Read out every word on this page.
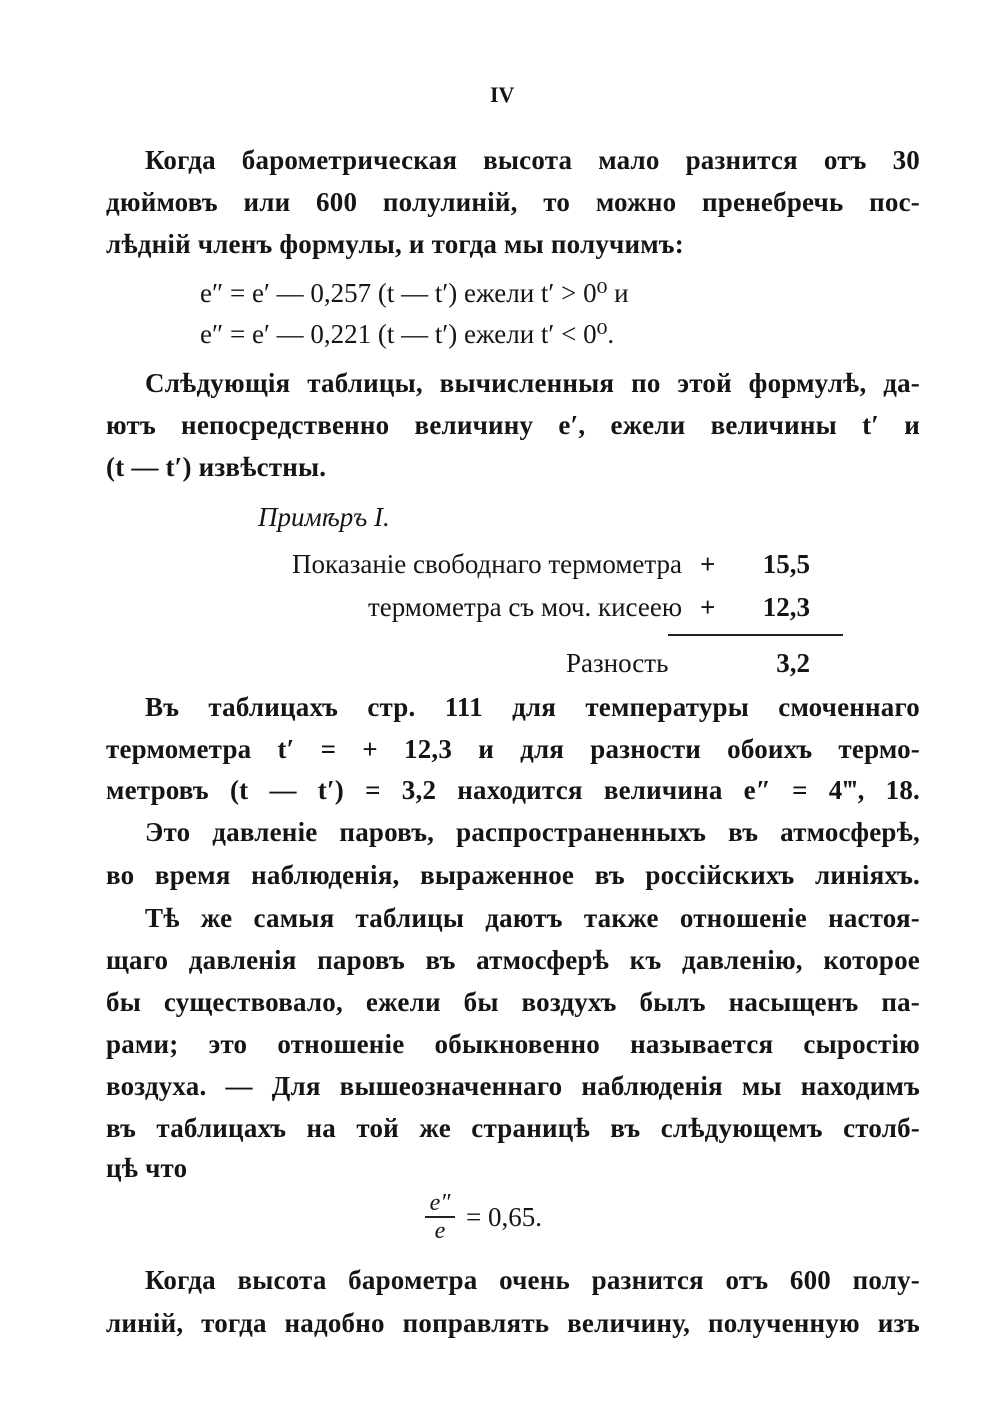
IV
Когда барометрическая высота мало разнится отъ 30
дюймовъ или 600 полулиній, то можно пренебречь пос-
лѣдній членъ формулы, и тогда мы получимъ:
e″ = e′ — 0,257 (t — t′) ежели t′ > 0⁰ и
e″ = e′ — 0,221 (t — t′) ежели t′ < 0⁰.
Слѣдующія таблицы, вычисленныя по этой формулѣ, да-
ютъ непосредственно величину e′, ежели величины t′ и
(t — t′) извѣстны.
Примѣръ I.
Показаніе свободнаго термометра + 15,5
термометра съ моч. кисеею + 12,3
Разность	3,2
Въ таблицахъ стр. 111 для температуры смоченнаго
термометра t′ = + 12,3 и для разности обоихъ термо-
метровъ (t — t′) = 3,2 находится величина e″ = 4‴, 18.
Это давленіе паровъ, распространенныхъ въ атмосферѣ,
во время наблюденія, выраженное въ россійскихъ линіяхъ.
Тѣ же самыя таблицы даютъ также отношеніе настоя-
щаго давленія паровъ въ атмосферѣ къ давленію, которое
бы существовало, ежели бы воздухъ былъ насыщенъ па-
рами; это отношеніе обыкновенно называется сыростію
воздуха. — Для вышеозначеннаго наблюденія мы находимъ
въ таблицахъ на той же страницѣ въ слѣдующемъ столб-
цѣ что
$\frac{e''}{e} = 0,65$.
Когда высота барометра очень разнится отъ 600 полу-
линій, тогда надобно поправлять величину, полученную изъ
